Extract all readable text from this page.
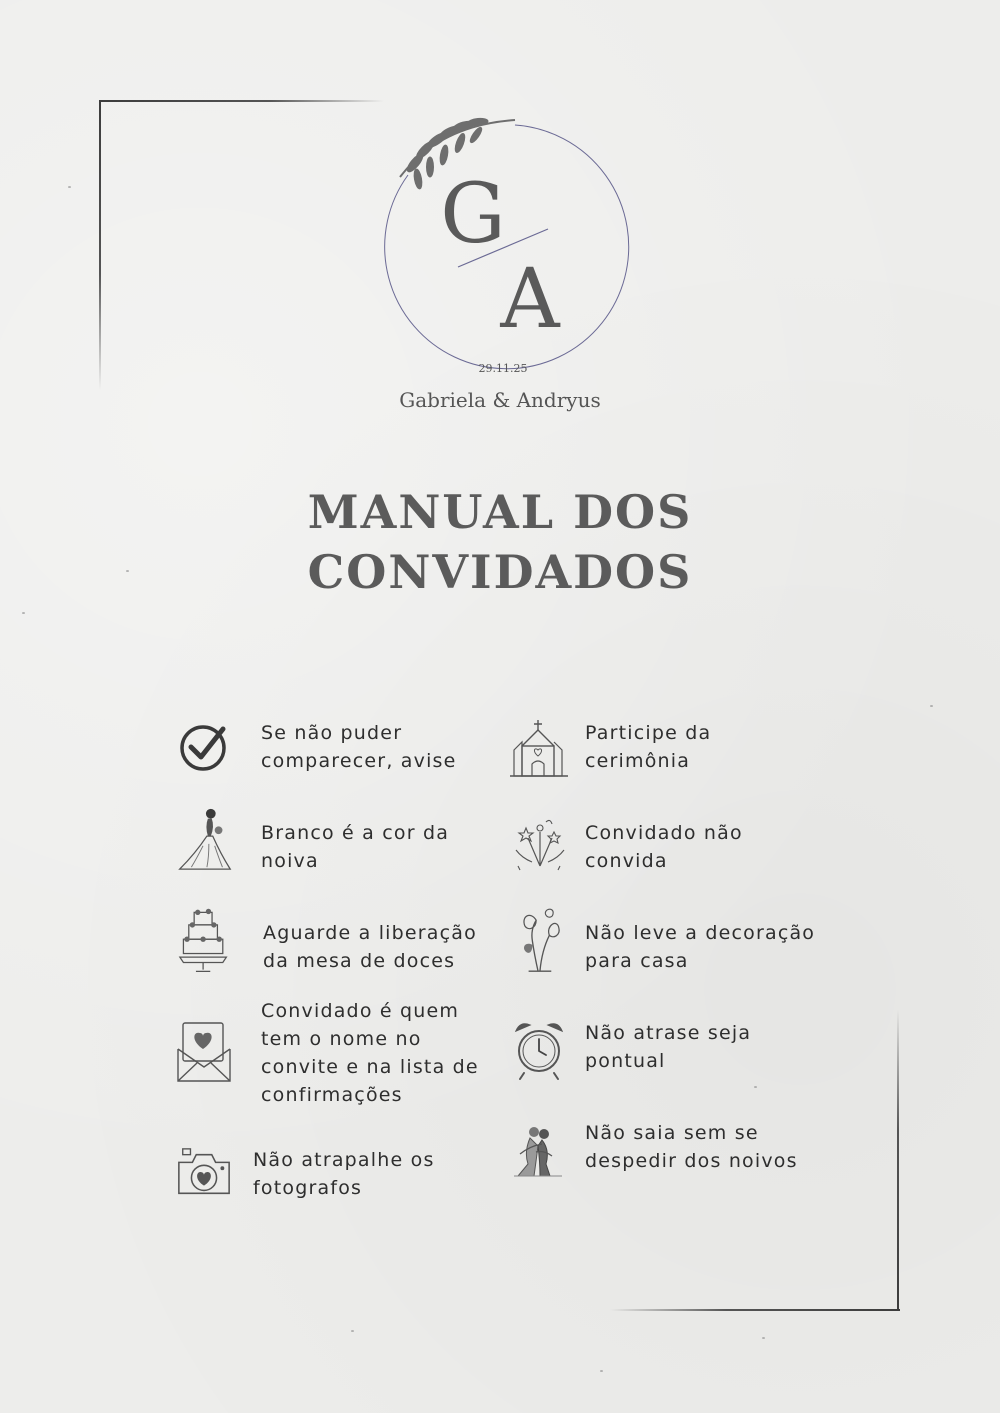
G
A
29.11.25
Gabriela & Andryus
MANUAL DOS
CONVIDADOS
Se não puder
comparecer, avise
Branco é a cor da
noiva
Aguarde a liberação
da mesa de doces
Convidado é quem
tem o nome no
convite e na lista de
confirmações
Não atrapalhe os
fotografos
Participe da
cerimônia
Convidado não
convida
Não leve a decoração
para casa
Não atrase seja
pontual
Não saia sem se
despedir dos noivos
